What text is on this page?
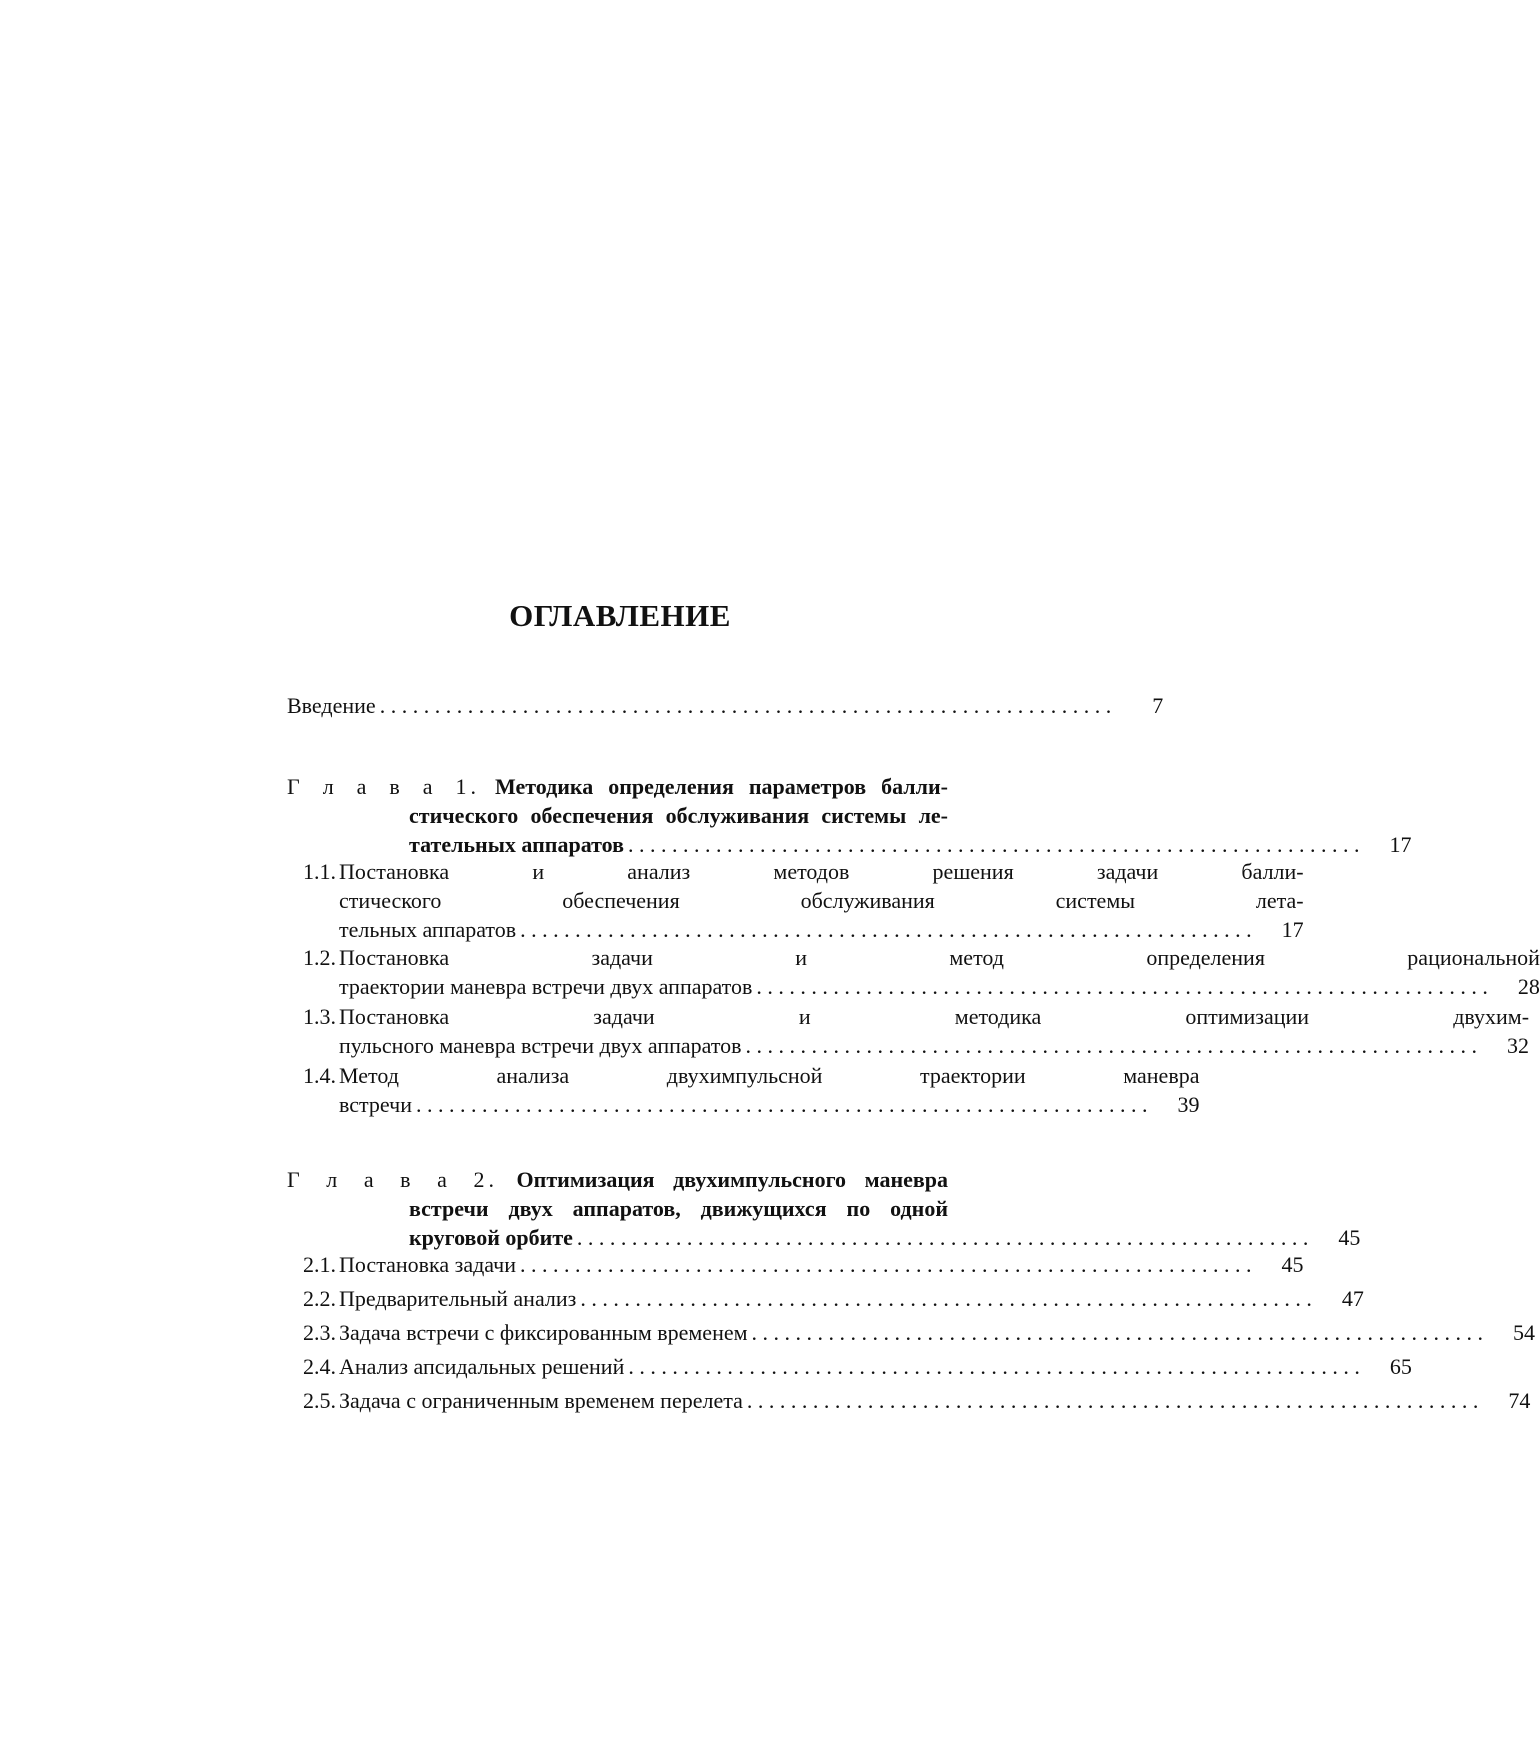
ОГЛАВЛЕНИЕ
Введение . . .	7
Г л а в а 1. Методика определения параметров балли-
стического обеспечения обслуживания системы ле-
тательных аппаратов . . .	17
1.1. Постановка и анализ методов решения задачи балли-
стического обеспечения обслуживания системы лета-
тельных аппаратов . . .	17
1.2. Постановка задачи и метод определения рациональной
траектории маневра встречи двух аппаратов . . .	28
1.3. Постановка задачи и методика оптимизации двухим-
пульсного маневра встречи двух аппаратов . . .	32
1.4. Метод анализа двухимпульсной траектории маневра
встречи . . .	39
Г л а в а 2. Оптимизация двухимпульсного маневра
встречи двух аппаратов, движущихся по одной
круговой орбите . . .	45
2.1. Постановка задачи . . .	45
2.2. Предварительный анализ . . .	47
2.3. Задача встречи с фиксированным временем . . .	54
2.4. Анализ апсидальных решений . . .	65
2.5. Задача с ограниченным временем перелета . . .	74
